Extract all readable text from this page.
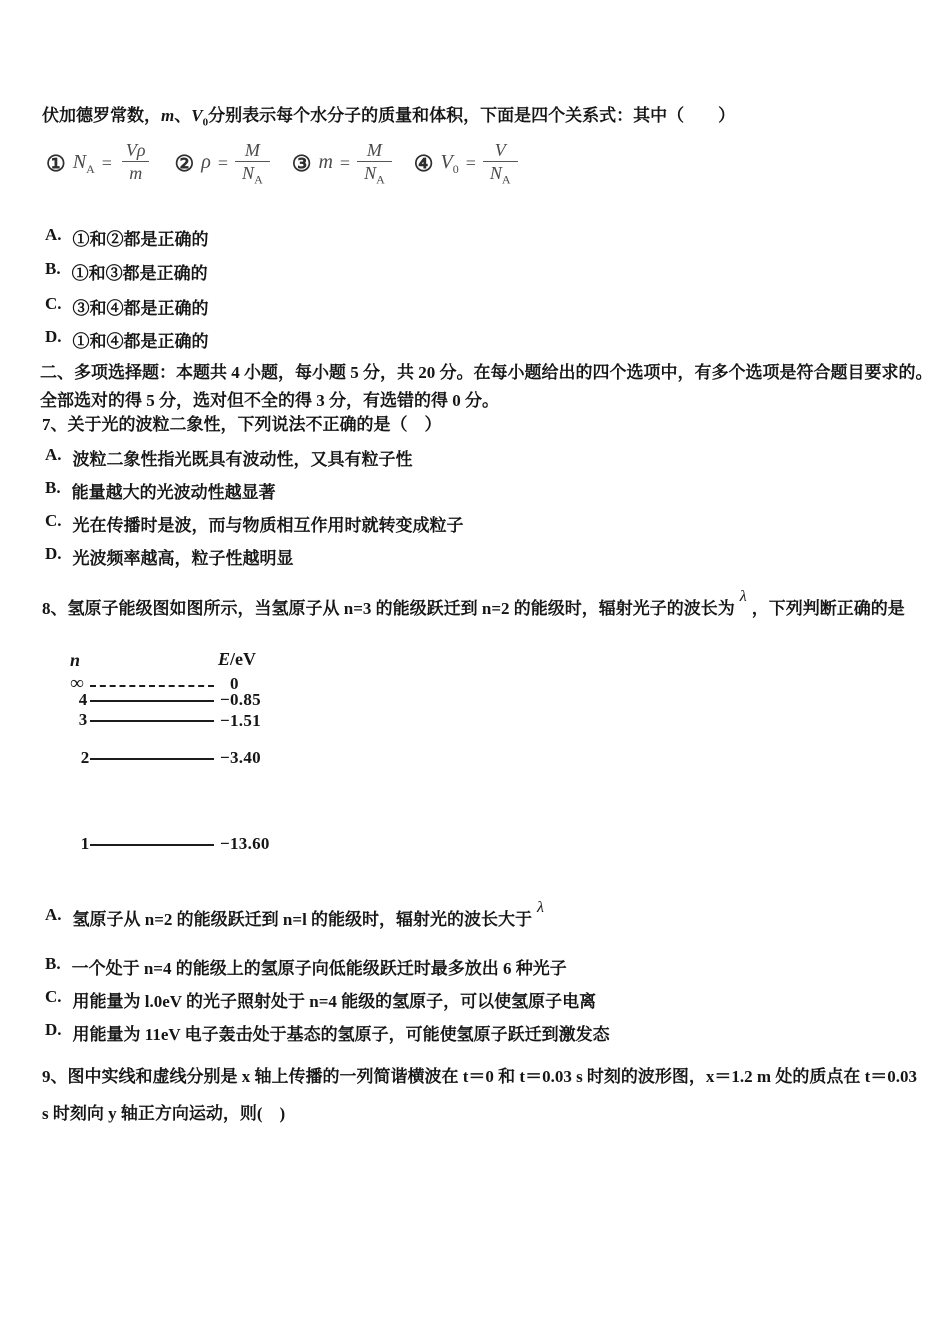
伏加德罗常数，m、$V_0$分别表示每个水分子的质量和体积，下面是四个关系式：其中（　　）
① $N_A = \frac{V\rho}{m}$ ② $\rho = \frac{M}{N_A}$ ③ $m = \frac{M}{N_A}$ ④ $V_0 = \frac{V}{N_A}$
A. ①和②都是正确的
B. ①和③都是正确的
C. ③和④都是正确的
D. ①和④都是正确的
二、多项选择题：本题共 4 小题，每小题 5 分，共 20 分。在每小题给出的四个选项中，有多个选项是符合题目要求的。
全部选对的得 5 分，选对但不全的得 3 分，有选错的得 0 分。
7、关于光的波粒二象性，下列说法不正确的是（　）
A. 波粒二象性指光既具有波动性，又具有粒子性
B. 能量越大的光波动性越显著
C. 光在传播时是波，而与物质相互作用时就转变成粒子
D. 光波频率越高，粒子性越明显
8、氢原子能级图如图所示，当氢原子从 n=3 的能级跃迁到 n=2 的能级时，辐射光子的波长为λ，下列判断正确的是
n	E/eV
∞	0
4	−0.85
3	−1.51
2	−3.40
1	−13.60
A. 氢原子从 n=2 的能级跃迁到 n=l 的能级时，辐射光的波长大于λ
B. 一个处于 n=4 的能级上的氢原子向低能级跃迁时最多放出 6 种光子
C. 用能量为 l.0eV 的光子照射处于 n=4 能级的氢原子，可以使氢原子电离
D. 用能量为 11eV 电子轰击处于基态的氢原子，可能使氢原子跃迁到激发态
9、图中实线和虚线分别是 x 轴上传播的一列简谐横波在 t＝0 和 t＝0.03 s 时刻的波形图，x＝1.2 m 处的质点在 t＝0.03
s 时刻向 y 轴正方向运动，则(　)
